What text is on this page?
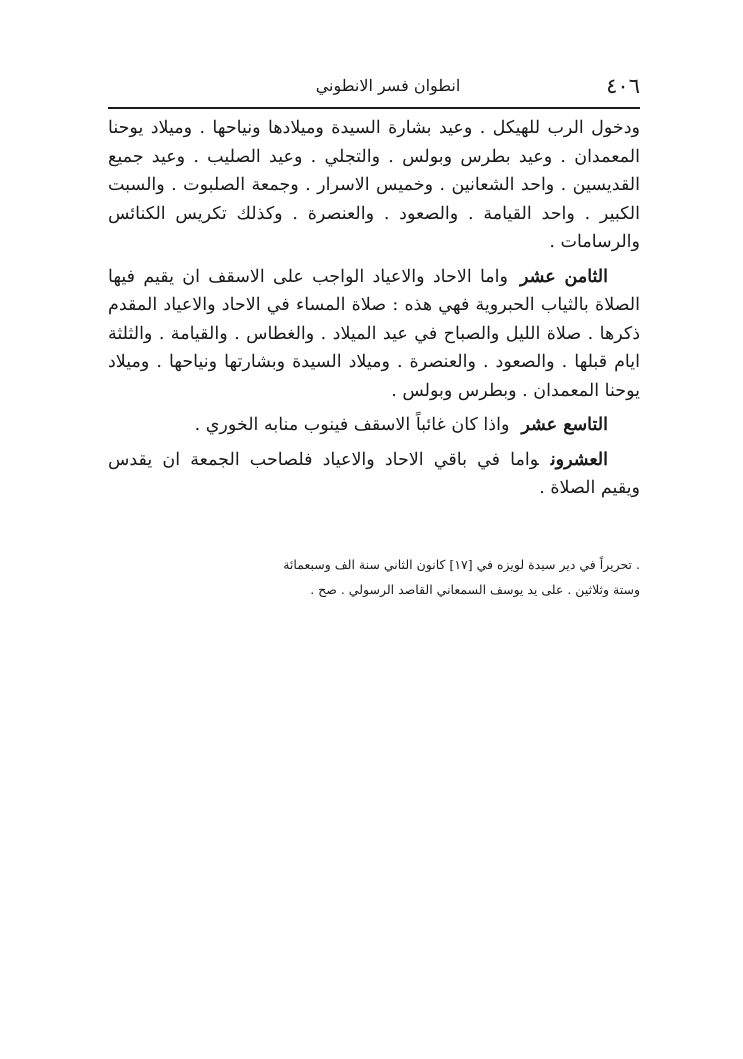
٤٠٦
انطوان فسر الانطوني

ودخول الرب للهيكل . وعيد بشارة السيدة وميلادها ونياحها . وميلاد يوحنا المعمدان . وعيد بطرس وبولس . والتجلي . وعيد الصليب . وعيد جميع القديسين . واحد الشعانين . وخميس الاسرار . وجمعة الصلبوت . والسبت الكبير . واحد القيامة . والصعود . والعنصرة . وكذلك تكريس الكنائس والرسامات .

الثامن عشرواما الاحاد والاعياد الواجب على الاسقف ان يقيم فيها الصلاة بالثياب الحبروية فهي هذه : صلاة المساء في الاحاد والاعياد المقدم ذكرها . صلاة الليل والصباح في عيد الميلاد . والغطاس . والقيامة . والثلثة ايام قبلها . والصعود . والعنصرة . وميلاد السيدة وبشارتها ونياحها . وميلاد يوحنا المعمدان . وبطرس وبولس .

التاسع عشرواذا كان غائباً الاسقف فينوب منابه الخوري .

العشرونواما في باقي الاحاد والاعياد فلصاحب الجمعة ان يقدس ويقيم الصلاة .

. تحريراً في دير سيدة لويزه في [١٧] كانون الثاني سنة الف وسبعمائة

وستة وثلاثين . على يد يوسف السمعاني القاصد الرسولي . صح .
